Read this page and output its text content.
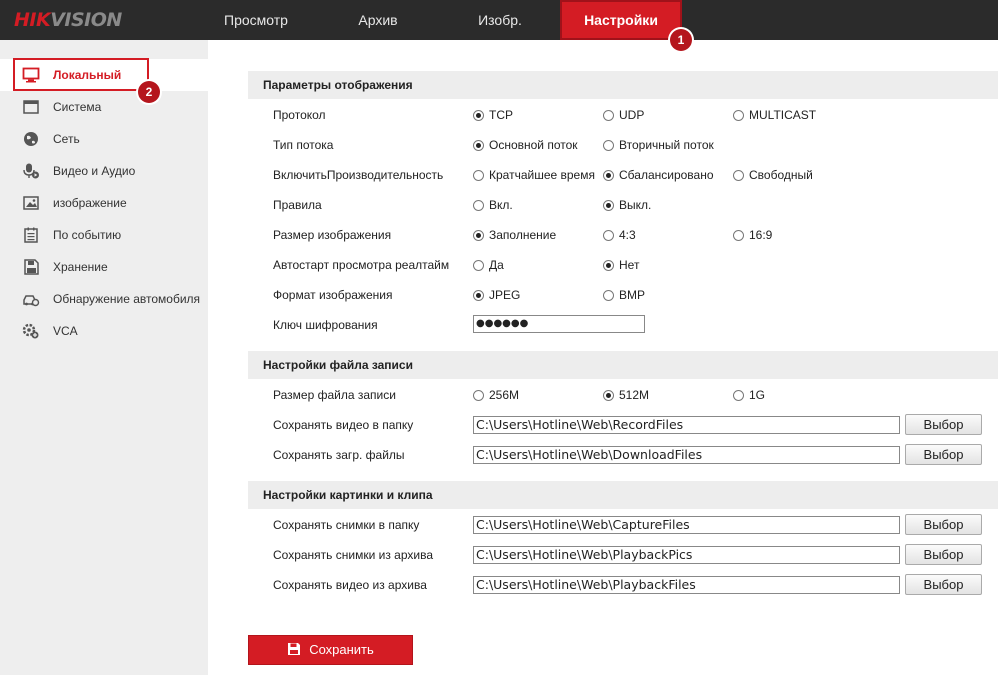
HIKVISION	Просмотр	Архив	Изобр.	Настройки
1
Локальный
Система
Сеть
Видео и Аудио
изображение
По событию
Хранение
Обнаружение автомобиля
VCA
2	Параметры отображения
Протокол	TCP	UDP	MULTICAST
Тип потока	Основной поток	Вторичный поток
ВключитьПроизводительность	Кратчайшее время	Сбалансировано	Свободный
Правила	Вкл.	Выкл.
Размер изображения	Заполнение	4:3	16:9
Автостарт просмотра реалтайм	Да	Нет
Формат изображения	JPEG	BMP
Ключ шифрования	●●●●●●
Настройки файла записи
Размер файла записи	256M	512M	1G
Сохранять видео в папку	C:\Users\Hotline\Web\RecordFiles	Выбор
Сохранять загр. файлы	C:\Users\Hotline\Web\DownloadFiles	Выбор
Настройки картинки и клипа
Сохранять снимки в папку	C:\Users\Hotline\Web\CaptureFiles	Выбор
Сохранять снимки из архива	C:\Users\Hotline\Web\PlaybackPics	Выбор
Сохранять видео из архива	C:\Users\Hotline\Web\PlaybackFiles	Выбор
Сохранить
